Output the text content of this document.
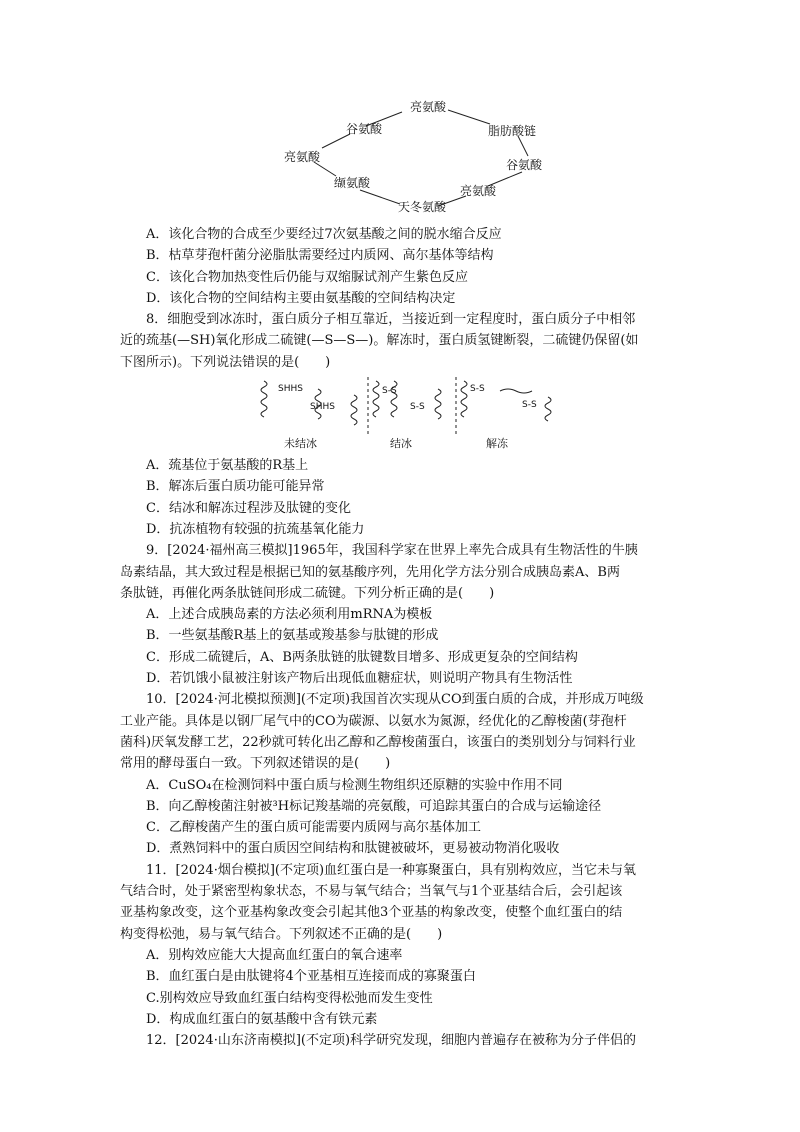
亮氨酸
脂肪酸链
谷氨酸
亮氨酸
谷氨酸
缬氨酸
亮氨酸
天冬氨酸
A．该化合物的合成至少要经过7次氨基酸之间的脱水缩合反应
B．枯草芽孢杆菌分泌脂肽需要经过内质网、高尔基体等结构
C．该化合物加热变性后仍能与双缩脲试剂产生紫色反应
D．该化合物的空间结构主要由氨基酸的空间结构决定
8．细胞受到冰冻时，蛋白质分子相互靠近，当接近到一定程度时，蛋白质分子中相邻
近的巯基(—SH)氧化形成二硫键(—S—S—)。解冻时，蛋白质氢键断裂，二硫键仍保留(如
下图所示)。下列说法错误的是(　　)
SHHS
SHHS
S-S
S-S
S-S
S-S
未结冰	结冰	解冻
A．巯基位于氨基酸的R基上
B．解冻后蛋白质功能可能异常
C．结冰和解冻过程涉及肽键的变化
D．抗冻植物有较强的抗巯基氧化能力
9．[2024·福州高三模拟]1965年，我国科学家在世界上率先合成具有生物活性的牛胰
岛素结晶，其大致过程是根据已知的氨基酸序列，先用化学方法分别合成胰岛素A、B两
条肽链，再催化两条肽链间形成二硫键。下列分析正确的是(　　)
A．上述合成胰岛素的方法必须利用mRNA为模板
B．一些氨基酸R基上的氨基或羧基参与肽键的形成
C．形成二硫键后，A、B两条肽链的肽键数目增多、形成更复杂的空间结构
D．若饥饿小鼠被注射该产物后出现低血糖症状，则说明产物具有生物活性
10．[2024·河北模拟预测](不定项)我国首次实现从CO到蛋白质的合成，并形成万吨级
工业产能。具体是以钢厂尾气中的CO为碳源、以氨水为氮源，经优化的乙醇梭菌(芽孢杆
菌科)厌氧发酵工艺，22秒就可转化出乙醇和乙醇梭菌蛋白，该蛋白的类别划分与饲料行业
常用的酵母蛋白一致。下列叙述错误的是(　　)
A．CuSO₄在检测饲料中蛋白质与检测生物组织还原糖的实验中作用不同
B．向乙醇梭菌注射被³H标记羧基端的亮氨酸，可追踪其蛋白的合成与运输途径
C．乙醇梭菌产生的蛋白质可能需要内质网与高尔基体加工
D．煮熟饲料中的蛋白质因空间结构和肽键被破坏，更易被动物消化吸收
11．[2024·烟台模拟](不定项)血红蛋白是一种寡聚蛋白，具有别构效应，当它未与氧
气结合时，处于紧密型构象状态，不易与氧气结合；当氧气与1个亚基结合后，会引起该
亚基构象改变，这个亚基构象改变会引起其他3个亚基的构象改变，使整个血红蛋白的结
构变得松弛，易与氧气结合。下列叙述不正确的是(　　)
A．别构效应能大大提高血红蛋白的氧合速率
B．血红蛋白是由肽键将4个亚基相互连接而成的寡聚蛋白
C.别构效应导致血红蛋白结构变得松弛而发生变性
D．构成血红蛋白的氨基酸中含有铁元素
12．[2024·山东济南模拟](不定项)科学研究发现，细胞内普遍存在被称为分子伴侣的
